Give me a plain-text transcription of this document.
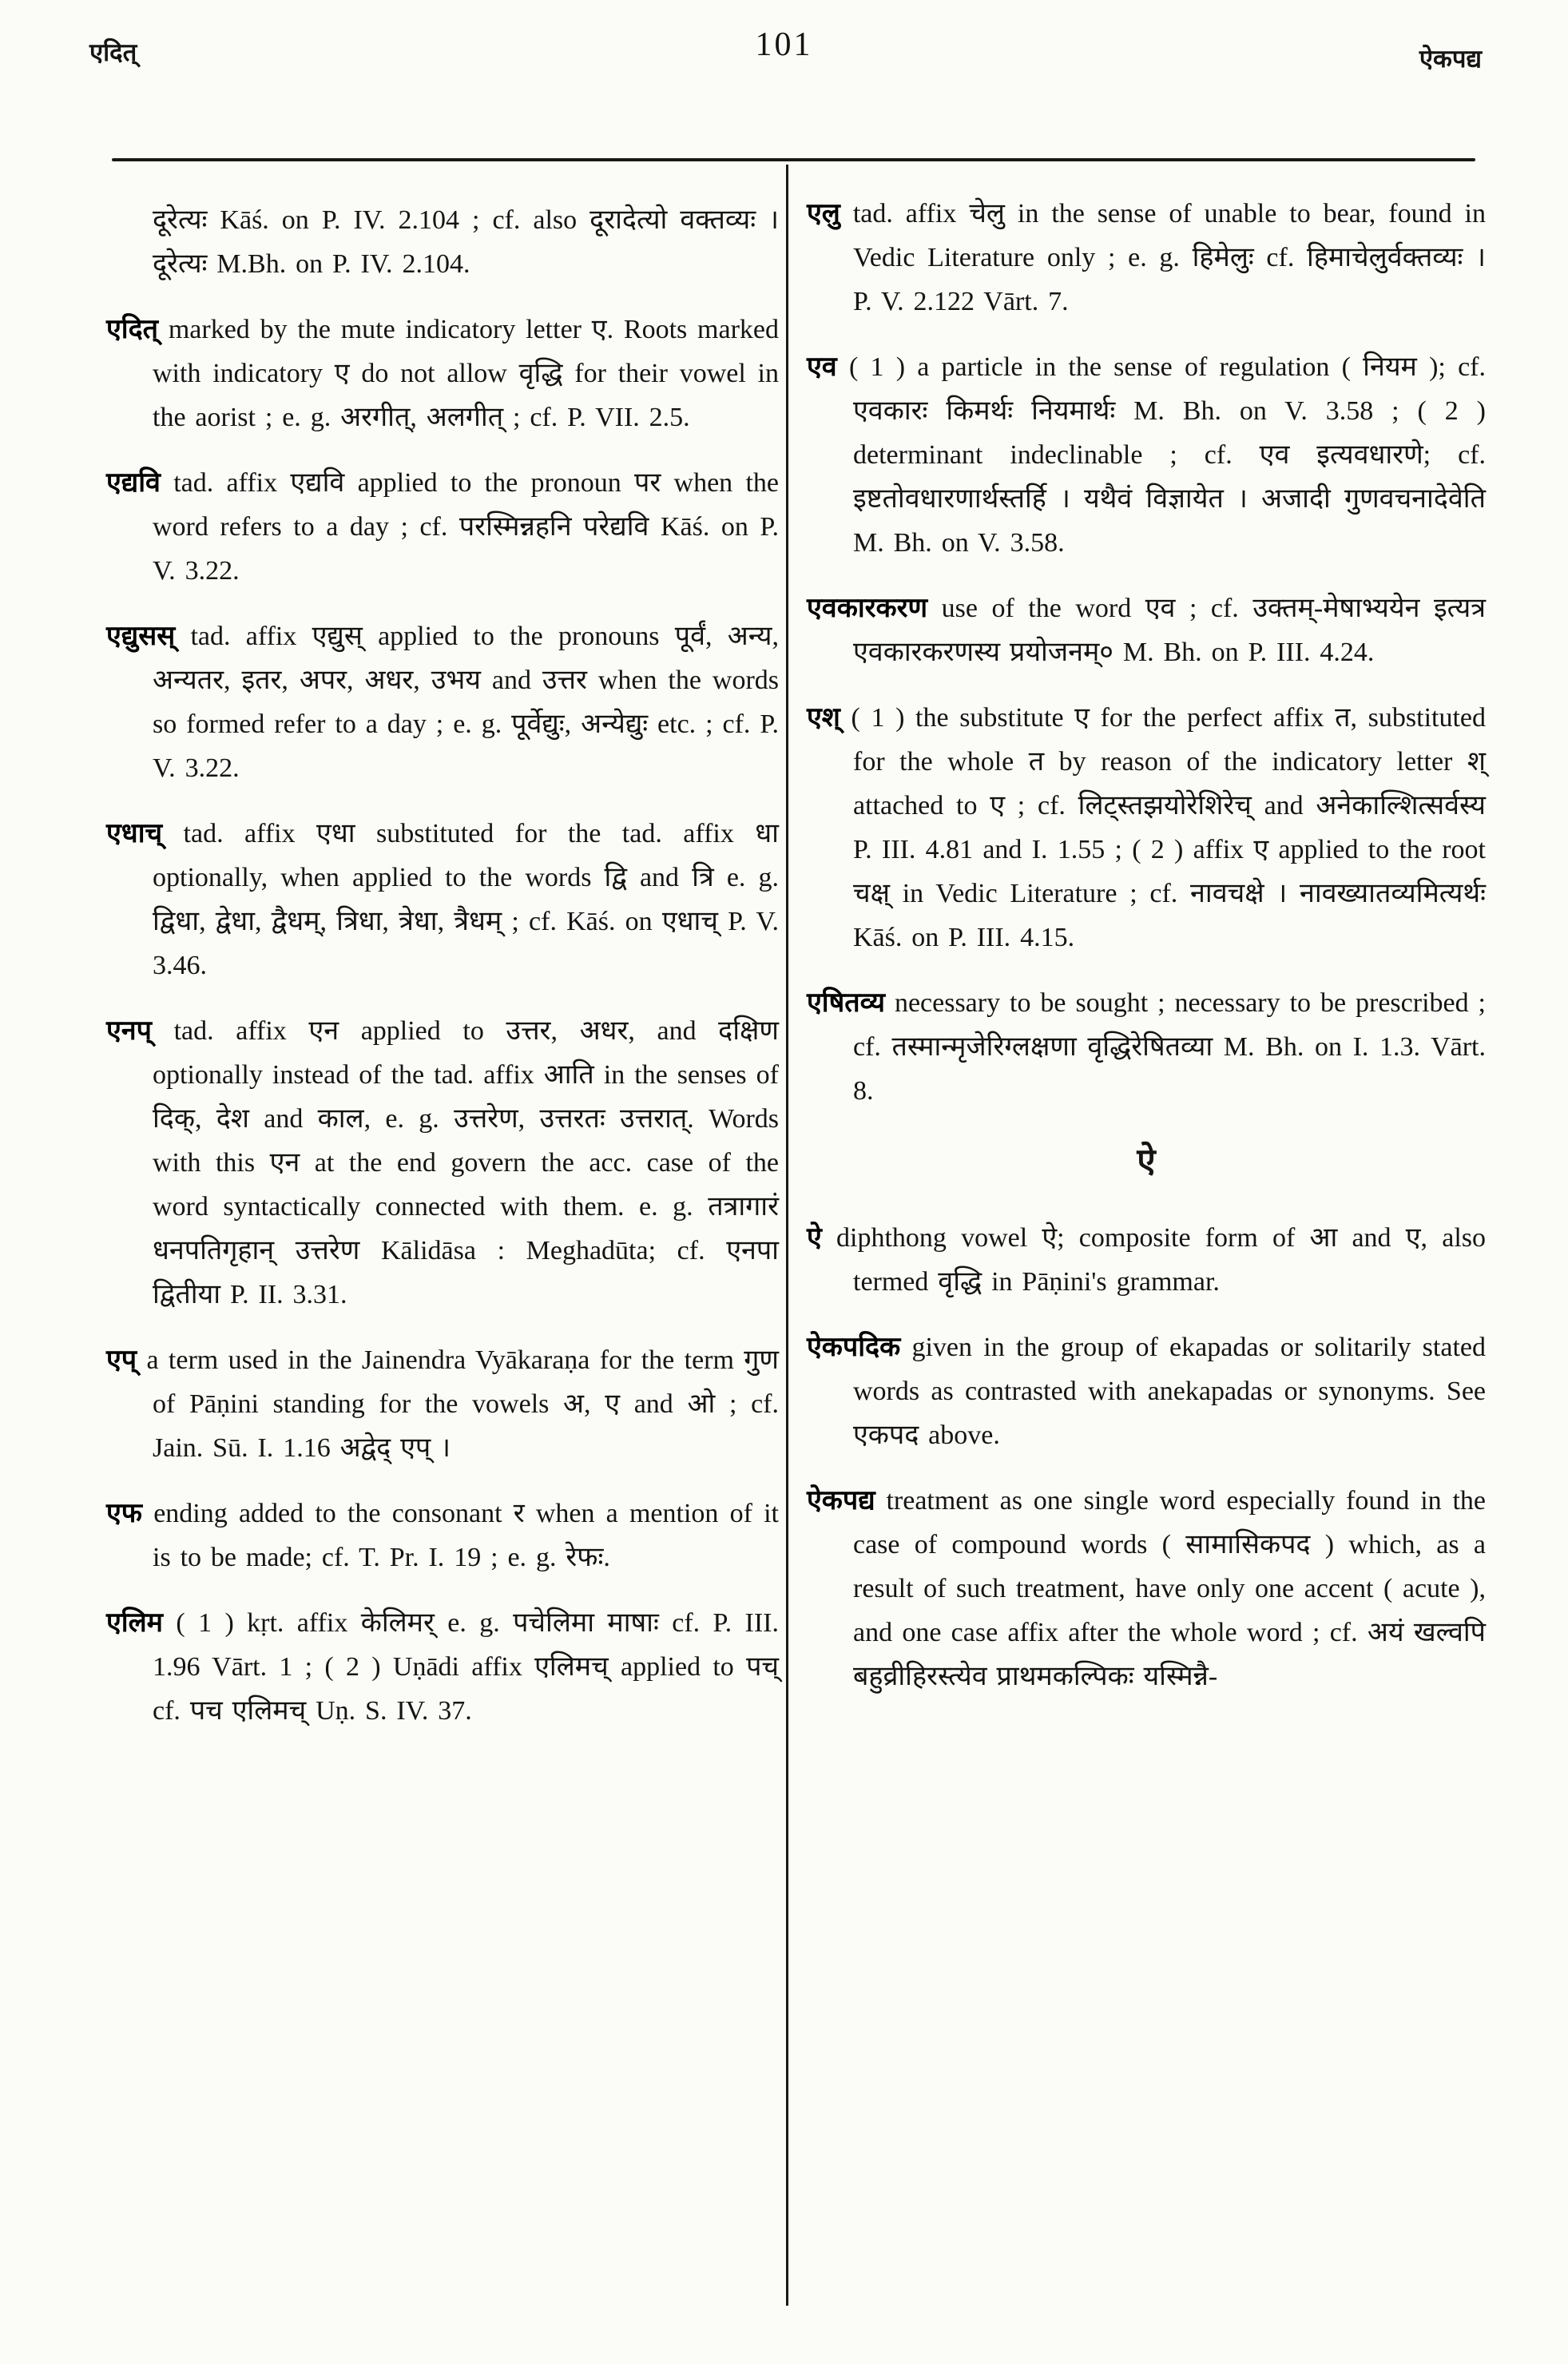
एदित्	101	ऐकपद्य
दूरेत्यः Kāś. on P. IV. 2.104 ; cf. also दूरादेत्यो वक्तव्यः । दूरेत्यः M.Bh. on P. IV. 2.104.
एदित् marked by the mute indicatory letter ए. Roots marked with indicatory ए do not allow वृद्धि for their vowel in the aorist ; e. g. अरगीत्, अलगीत् ; cf. P. VII. 2.5.
एद्यवि tad. affix एद्यवि applied to the pronoun पर when the word refers to a day ; cf. परस्मिन्नहनि परेद्यवि Kāś. on P. V. 3.22.
एद्युसस् tad. affix एद्युस् applied to the pronouns पूर्वं, अन्य, अन्यतर, इतर, अपर, अधर, उभय and उत्तर when the words so formed refer to a day ; e. g. पूर्वेद्युः, अन्येद्युः etc. ; cf. P. V. 3.22.
एधाच् tad. affix एधा substituted for the tad. affix धा optionally, when applied to the words द्वि and त्रि e. g. द्विधा, द्वेधा, द्वैधम्, त्रिधा, त्रेधा, त्रैधम् ; cf. Kāś. on एधाच् P. V. 3.46.
एनप् tad. affix एन applied to उत्तर, अधर, and दक्षिण optionally instead of the tad. affix आति in the senses of दिक्, देश and काल, e. g. उत्तरेण, उत्तरतः उत्तरात्. Words with this एन at the end govern the acc. case of the word syntactically connected with them. e. g. तत्रागारं धनपतिगृहान् उत्तरेण Kālidāsa : Meghadūta; cf. एनपा द्वितीया P. II. 3.31.
एप् a term used in the Jainendra Vyākaraṇa for the term गुण of Pāṇini standing for the vowels अ, ए and ओ ; cf. Jain. Sū. I. 1.16 अद्वेद् एप् ।
एफ ending added to the consonant र when a mention of it is to be made; cf. T. Pr. I. 19 ; e. g. रेफः.
एलिम ( 1 ) kṛt. affix केलिमर् e. g. पचेलिमा माषाः cf. P. III. 1.96 Vārt. 1 ; ( 2 ) Uṇādi affix एलिमच् applied to पच् cf. पच एलिमच् Uṇ. S. IV. 37.
एलु tad. affix चेलु in the sense of unable to bear, found in Vedic Literature only ; e. g. हिमेलुः cf. हिमाचेलुर्वक्तव्यः । P. V. 2.122 Vārt. 7.
एव ( 1 ) a particle in the sense of regulation ( नियम ); cf. एवकारः किमर्थः नियमार्थः M. Bh. on V. 3.58 ; ( 2 ) determinant indeclinable ; cf. एव इत्यवधारणे; cf. इष्टतोवधारणार्थस्तर्हि । यथैवं विज्ञायेत । अजादी गुणवचनादेवेति M. Bh. on V. 3.58.
एवकारकरण use of the word एव ; cf. उक्तम्-मेषाभ्ययेन इत्यत्र एवकारकरणस्य प्रयोजनम्० M. Bh. on P. III. 4.24.
एश् ( 1 ) the substitute ए for the perfect affix त, substituted for the whole त by reason of the indicatory letter श् attached to ए ; cf. लिट्स्तझयोरेशिरेच् and अनेकाल्शित्सर्वस्य P. III. 4.81 and I. 1.55 ; ( 2 ) affix ए applied to the root चक्ष् in Vedic Literature ; cf. नावचक्षे । नावख्यातव्यमित्यर्थः Kāś. on P. III. 4.15.
एषितव्य necessary to be sought ; necessary to be prescribed ; cf. तस्मान्मृजेरिग्लक्षणा वृद्धिरेषितव्या M. Bh. on I. 1.3. Vārt. 8.
ऐ
ऐ diphthong vowel ऐ; composite form of आ and ए, also termed वृद्धि in Pāṇini's grammar.
ऐकपदिक given in the group of ekapadas or solitarily stated words as contrasted with anekapadas or synonyms. See एकपद above.
ऐकपद्य treatment as one single word especially found in the case of compound words ( सामासिकपद ) which, as a result of such treatment, have only one accent ( acute ), and one case affix after the whole word ; cf. अयं खल्वपि बहुव्रीहिरस्त्येव प्राथमकल्पिकः यस्मिन्नै-
